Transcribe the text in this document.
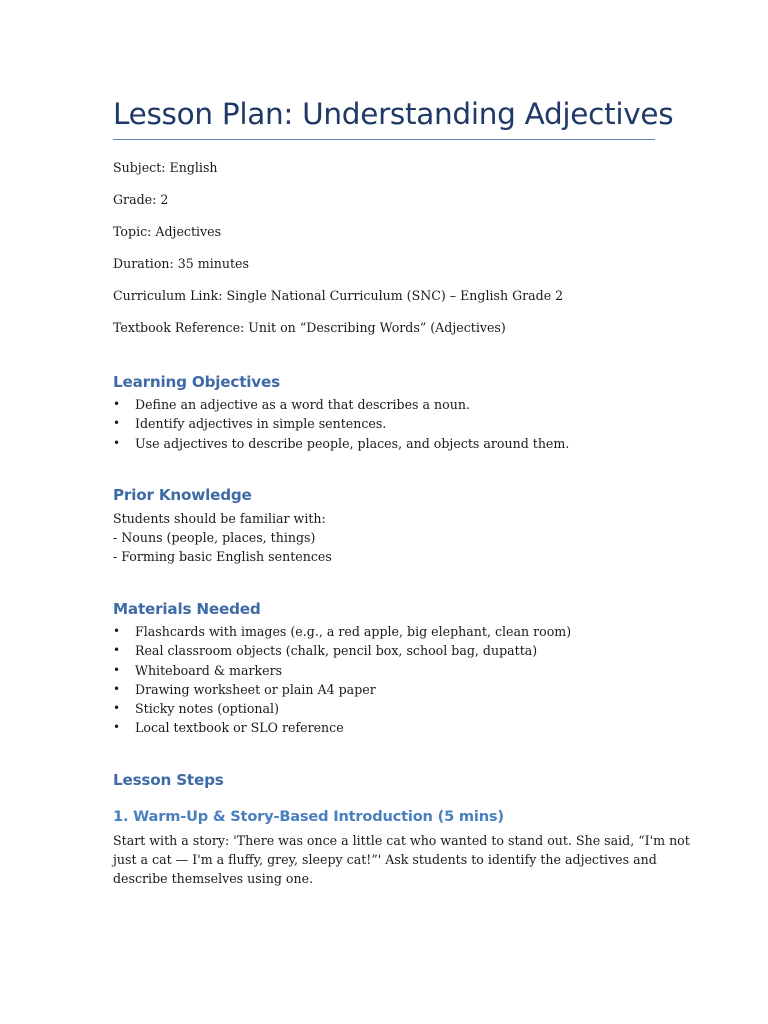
Lesson Plan: Understanding Adjectives
Subject: English
Grade: 2
Topic: Adjectives
Duration: 35 minutes
Curriculum Link: Single National Curriculum (SNC) – English Grade 2
Textbook Reference: Unit on “Describing Words” (Adjectives)
Learning Objectives
• Define an adjective as a word that describes a noun.
• Identify adjectives in simple sentences.
• Use adjectives to describe people, places, and objects around them.
Prior Knowledge
Students should be familiar with:
- Nouns (people, places, things)
- Forming basic English sentences
Materials Needed
• Flashcards with images (e.g., a red apple, big elephant, clean room)
• Real classroom objects (chalk, pencil box, school bag, dupatta)
• Whiteboard & markers
• Drawing worksheet or plain A4 paper
• Sticky notes (optional)
• Local textbook or SLO reference
Lesson Steps
1. Warm-Up & Story-Based Introduction (5 mins)
Start with a story: 'There was once a little cat who wanted to stand out. She said, “I'm not
just a cat — I'm a fluffy, grey, sleepy cat!”' Ask students to identify the adjectives and
describe themselves using one.
